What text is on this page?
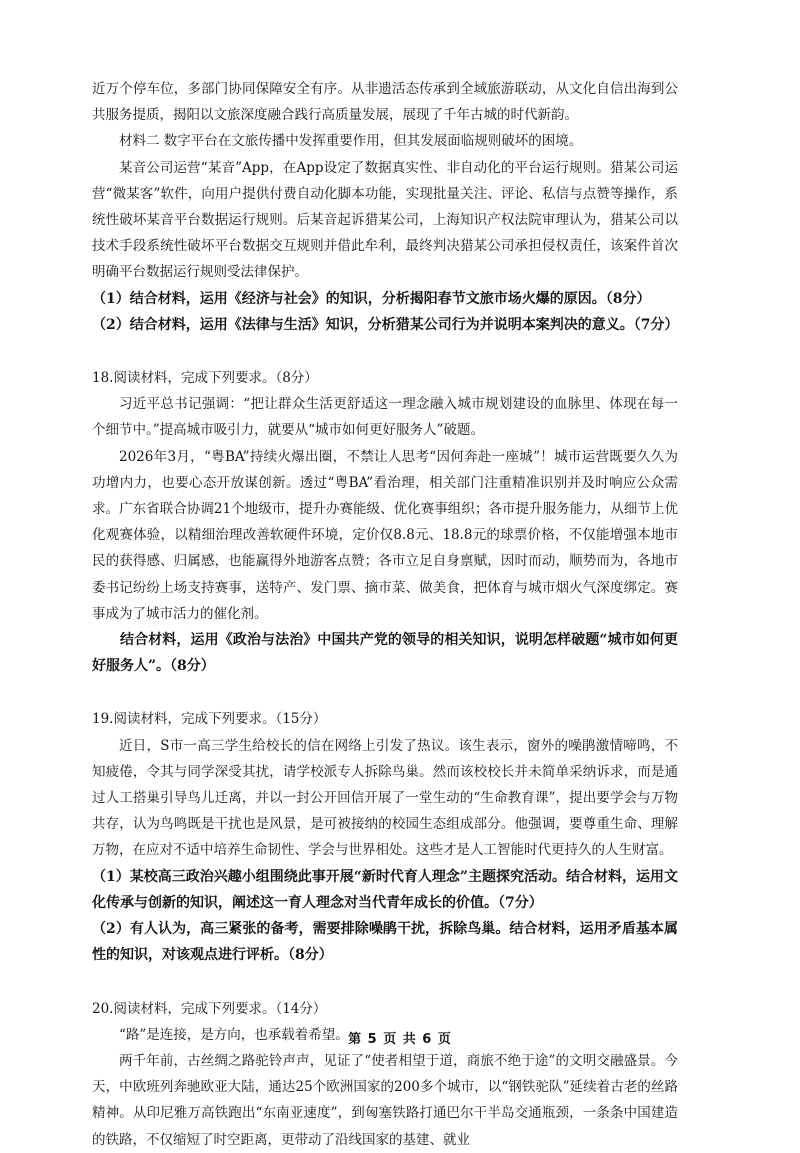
近万个停车位，多部门协同保障安全有序。从非遗活态传承到全域旅游联动，从文化自信出海到公共服务提质，揭阳以文旅深度融合践行高质量发展，展现了千年古城的时代新韵。

材料二 数字平台在文旅传播中发挥重要作用，但其发展面临规则破坏的困境。

某音公司运营“某音”App，在App设定了数据真实性、非自动化的平台运行规则。猎某公司运营“微某客”软件，向用户提供付费自动化脚本功能，实现批量关注、评论、私信与点赞等操作，系统性破坏某音平台数据运行规则。后某音起诉猎某公司，上海知识产权法院审理认为，猎某公司以技术手段系统性破坏平台数据交互规则并借此牟利，最终判决猎某公司承担侵权责任，该案件首次明确平台数据运行规则受法律保护。

（1）结合材料，运用《经济与社会》的知识，分析揭阳春节文旅市场火爆的原因。（8分）

（2）结合材料，运用《法律与生活》知识，分析猎某公司行为并说明本案判决的意义。（7分）

18.阅读材料，完成下列要求。（8分）

习近平总书记强调：“把让群众生活更舒适这一理念融入城市规划建设的血脉里、体现在每一个细节中。”提高城市吸引力，就要从“城市如何更好服务人”破题。

2026年3月，“粤BA”持续火爆出圈，不禁让人思考“因何奔赴一座城”！城市运营既要久久为功增内力，也要心态开放谋创新。透过“粤BA”看治理，相关部门注重精准识别并及时响应公众需求。广东省联合协调21个地级市，提升办赛能级、优化赛事组织；各市提升服务能力，从细节上优化观赛体验，以精细治理改善软硬件环境，定价仅8.8元、18.8元的球票价格，不仅能增强本地市民的获得感、归属感，也能赢得外地游客点赞；各市立足自身禀赋，因时而动，顺势而为，各地市委书记纷纷上场支持赛事，送特产、发门票、摘市菜、做美食，把体育与城市烟火气深度绑定。赛事成为了城市活力的催化剂。

结合材料，运用《政治与法治》中国共产党的领导的相关知识，说明怎样破题“城市如何更好服务人”。（8分）

19.阅读材料，完成下列要求。（15分）

近日，S市一高三学生给校长的信在网络上引发了热议。该生表示，窗外的噪鹃激情啼鸣，不知疲倦，令其与同学深受其扰，请学校派专人拆除鸟巢。然而该校校长并未简单采纳诉求，而是通过人工搭巢引导鸟儿迁离，并以一封公开回信开展了一堂生动的“生命教育课”，提出要学会与万物共存，认为鸟鸣既是干扰也是风景，是可被接纳的校园生态组成部分。他强调，要尊重生命、理解万物，在应对不适中培养生命韧性、学会与世界相处。这些才是人工智能时代更持久的人生财富。

（1）某校高三政治兴趣小组围绕此事开展“新时代育人理念”主题探究活动。结合材料，运用文化传承与创新的知识，阐述这一育人理念对当代青年成长的价值。（7分）

（2）有人认为，高三紧张的备考，需要排除噪鹃干扰，拆除鸟巢。结合材料，运用矛盾基本属性的知识，对该观点进行评析。（8分）

20.阅读材料，完成下列要求。（14分）

“路”是连接，是方向，也承载着希望。

两千年前，古丝绸之路驼铃声声，见证了“使者相望于道，商旅不绝于途”的文明交融盛景。今天，中欧班列奔驰欧亚大陆，通达25个欧洲国家的200多个城市，以“钢铁驼队”延续着古老的丝路精神。从印尼雅万高铁跑出“东南亚速度”，到匈塞铁路打通巴尔干半岛交通瓶颈，一条条中国建造的铁路，不仅缩短了时空距离，更带动了沿线国家的基建、就业

第 5 页 共 6 页
